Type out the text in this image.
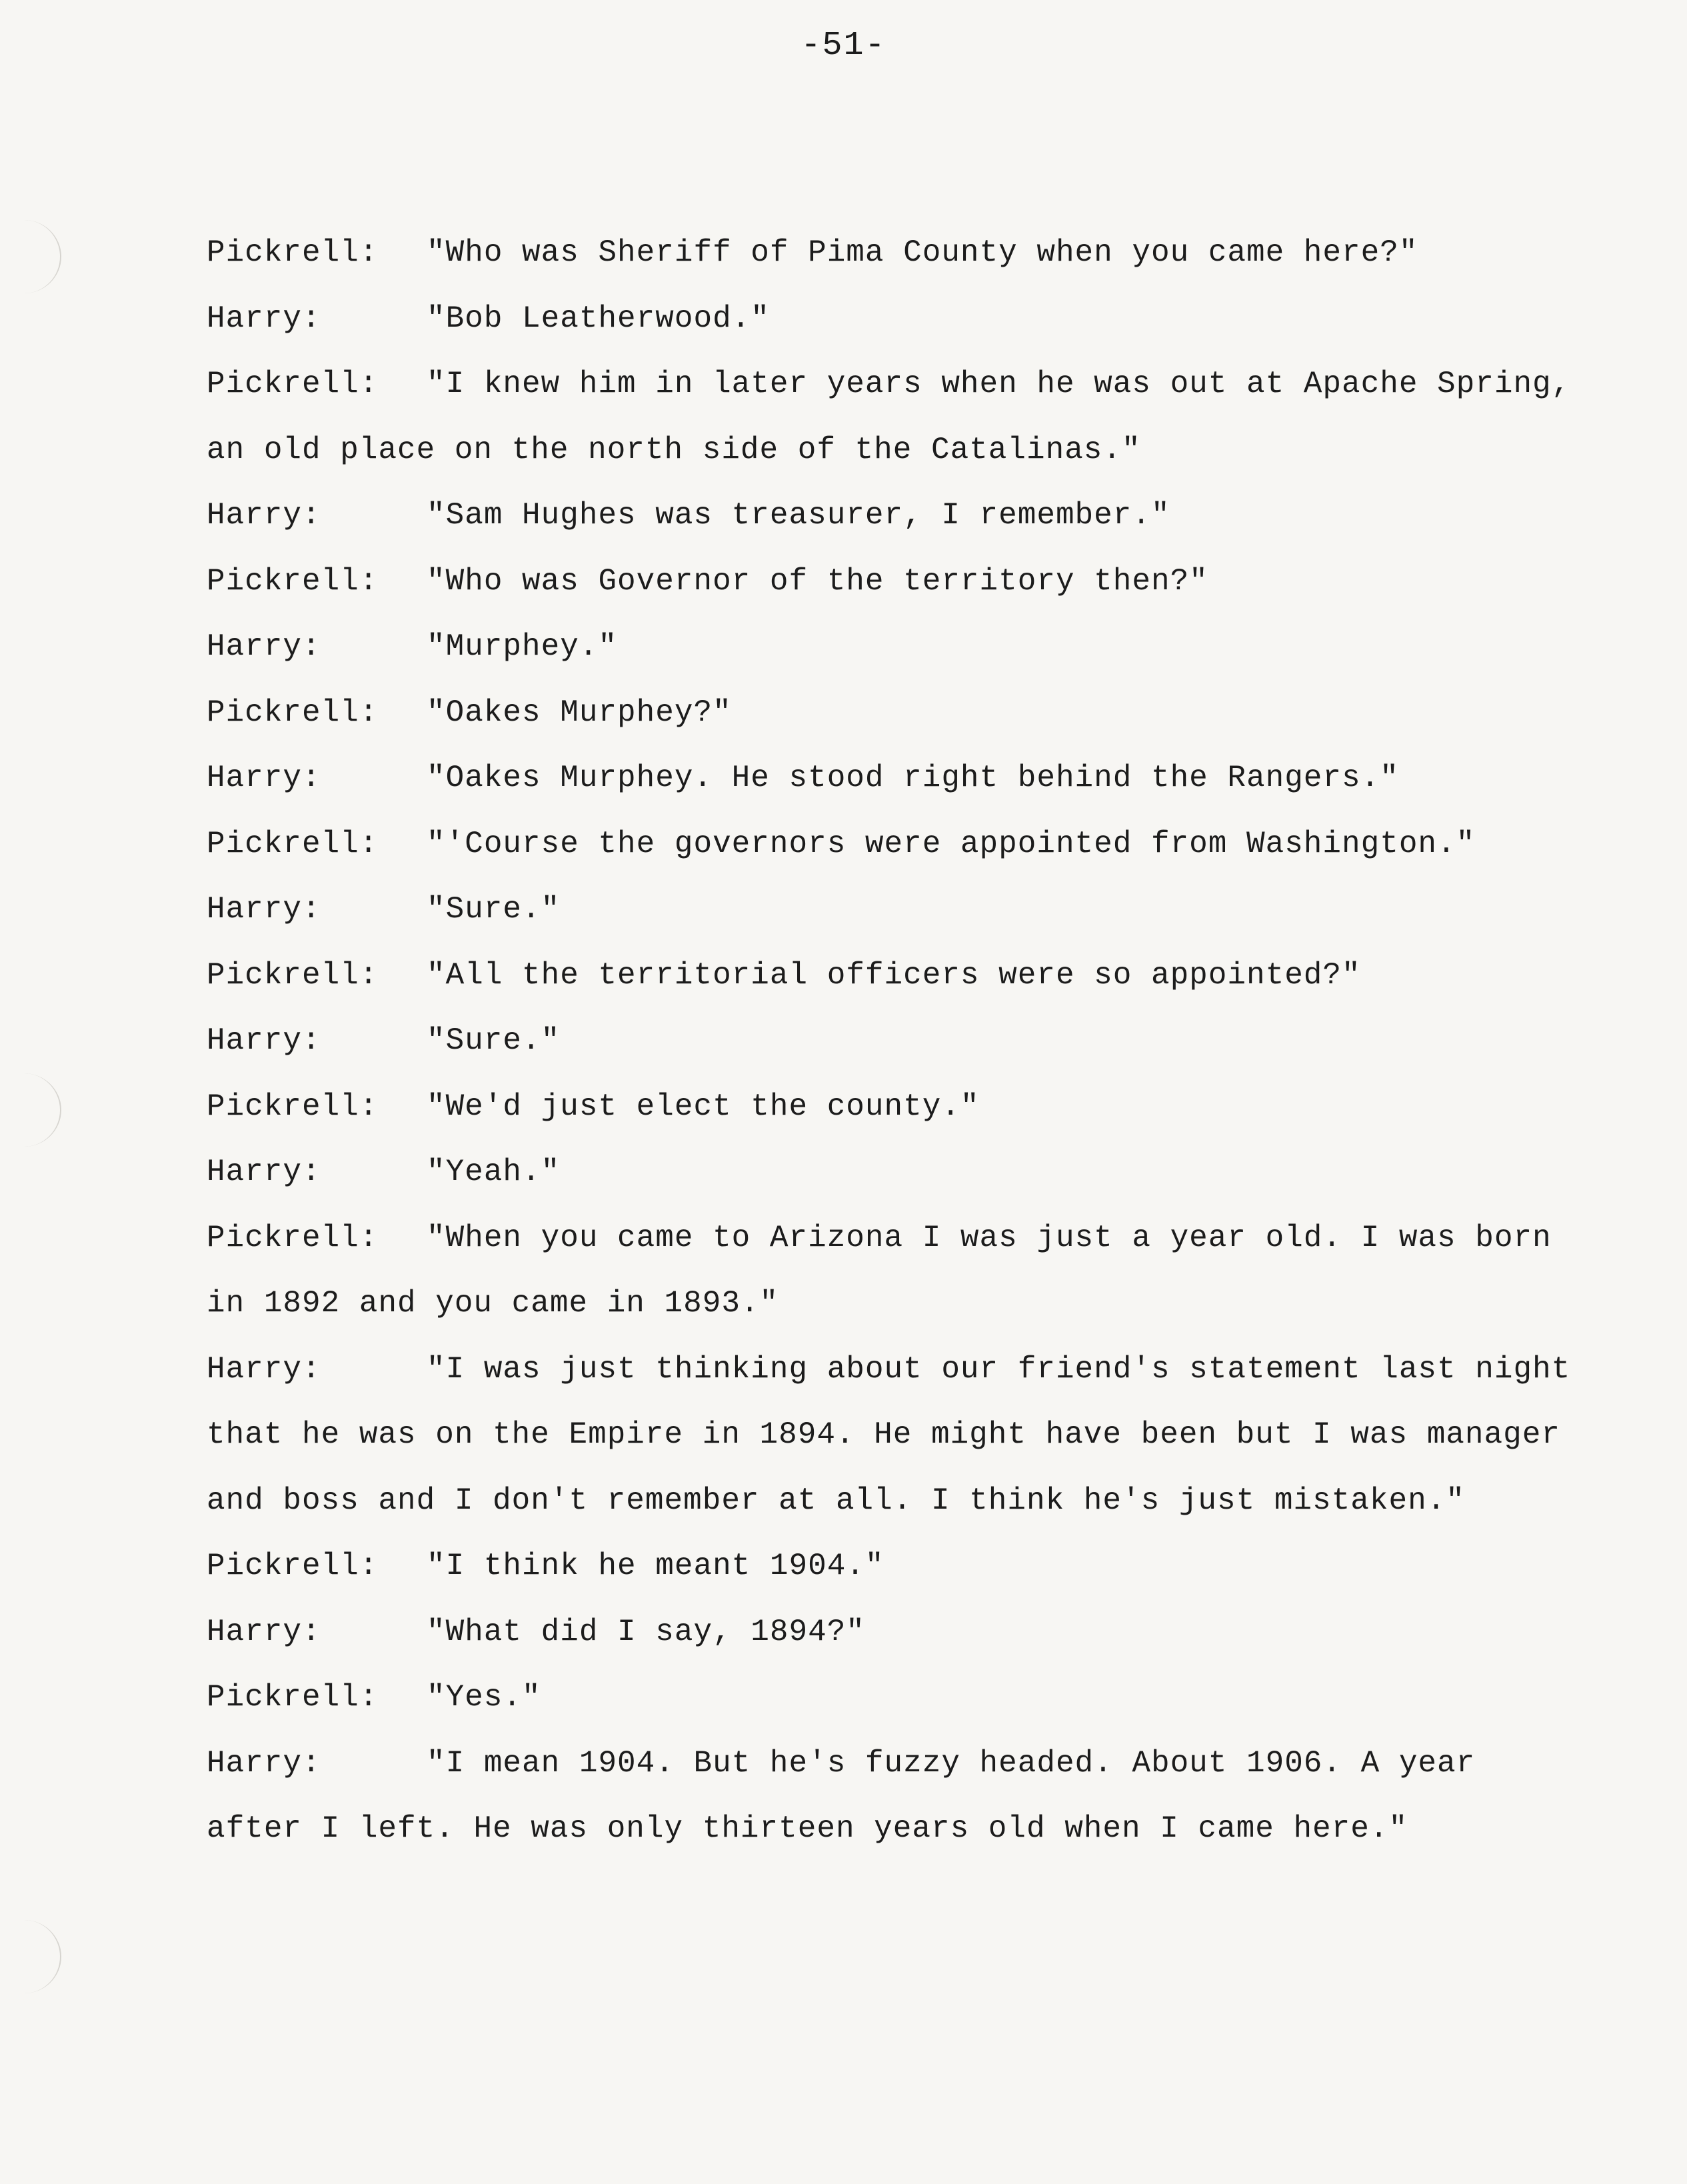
-51-

Pickrell: "Who was Sheriff of Pima County when you came here?"

Harry:	"Bob Leatherwood."

Pickrell: "I knew him in later years when he was out at Apache Spring, an old place on the north side of the Catalinas."

Harry:	"Sam Hughes was treasurer, I remember."

Pickrell: "Who was Governor of the territory then?"

Harry:	"Murphey."

Pickrell: "Oakes Murphey?"

Harry:	"Oakes Murphey. He stood right behind the Rangers."

Pickrell: "'Course the governors were appointed from Washington."

Harry:	"Sure."

Pickrell: "All the territorial officers were so appointed?"

Harry:	"Sure."

Pickrell: "We'd just elect the county."

Harry:	"Yeah."

Pickrell: "When you came to Arizona I was just a year old. I was born in 1892 and you came in 1893."

Harry:	"I was just thinking about our friend's statement last night that he was on the Empire in 1894. He might have been but I was manager and boss and I don't remember at all. I think he's just mistaken."

Pickrell: "I think he meant 1904."

Harry:	"What did I say, 1894?"

Pickrell: "Yes."

Harry:	"I mean 1904. But he's fuzzy headed. About 1906. A year after I left. He was only thirteen years old when I came here."
